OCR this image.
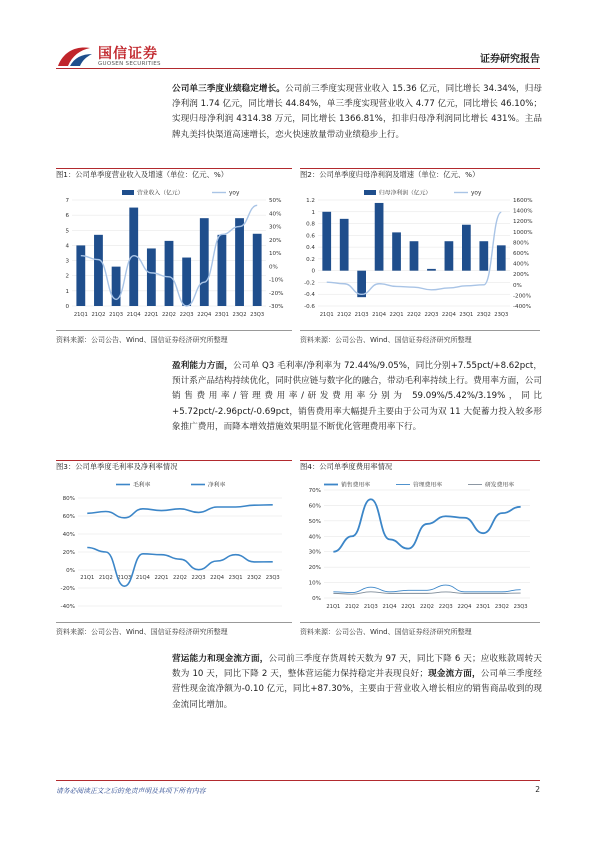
国信证券
GUOSEN SECURITIES	证券研究报告
公司单三季度业绩稳定增长。公司前三季度实现营业收入 15.36 亿元，同比增长 34.34%，归母净利润 1.74 亿元，同比增长 44.84%，单三季度实现营业收入 4.77 亿元，同比增长 46.10%；实现归母净利润 4314.38 万元，同比增长 1366.81%，扣非归母净利润同比增长 431%。主品牌丸美抖快渠道高速增长，恋火快速放量带动业绩稳步上行。
图1：公司单季度营业收入及增速（单位：亿元、%）	图2：公司单季度归母净利润及增速（单位：亿元、%）
0
1
2
3
4
5
6
7
-30%
-20%
-10%
0%
10%
20%
30%
40%
50%
21Q1 21Q2 21Q3 21Q4 22Q1 22Q2 22Q3 22Q4 23Q1 23Q2 23Q3
营业收入（亿元）	yoy
-0.6
-0.4
-0.2
0
0.2
0.4
0.6
0.8
1
1.2
-400%
-200%
0%
200%
400%
600%
800%
1000%
1200%
1400%
1600%
21Q1 21Q2 21Q3 21Q4 22Q1 22Q2 22Q3 22Q4 23Q1 23Q2 23Q3
归母净利润（亿元）	yoy
资料来源：公司公告、Wind、国信证券经济研究所整理	资料来源：公司公告、Wind、国信证券经济研究所整理
盈利能力方面，公司单 Q3 毛利率/净利率为 72.44%/9.05%，同比分别+7.55pct/+8.62pct，预计系产品结构持续优化，同时供应链与数字化的融合，带动毛利率持续上行。费用率方面，公司销售费用率/管理费用率/研发费用率分别为 59.09%/5.42%/3.19%，同比+5.72pct/-2.96pct/-0.69pct，销售费用率大幅提升主要由于公司为双 11 大促蓄力投入较多形象推广费用，而降本增效措施效果明显不断优化管理费用率下行。
图3：公司单季度毛利率及净利率情况	图4：公司单季度费用率情况
-40%
-20%
0%
20%
40%
60%
80%
21Q1 21Q2 21Q3 21Q4 22Q1 22Q2 22Q3 22Q4 23Q1 23Q2 23Q3
毛利率	净利率
0%
10%
20%
30%
40%
50%
60%
70%
21Q1 21Q2 21Q3 21Q4 22Q1 22Q2 22Q3 22Q4 23Q1 23Q2 23Q3
销售费用率	管理费用率	研发费用率
资料来源：公司公告、Wind、国信证券经济研究所整理	资料来源：公司公告、Wind、国信证券经济研究所整理
营运能力和现金流方面，公司前三季度存货周转天数为 97 天，同比下降 6 天；应收账款周转天数为 10 天，同比下降 2 天，整体营运能力保持稳定并表现良好；现金流方面，公司单三季度经营性现金流净额为-0.10 亿元，同比+87.30%，主要由于营业收入增长相应的销售商品收到的现金流同比增加。
请务必阅读正文之后的免责声明及其项下所有内容	2
